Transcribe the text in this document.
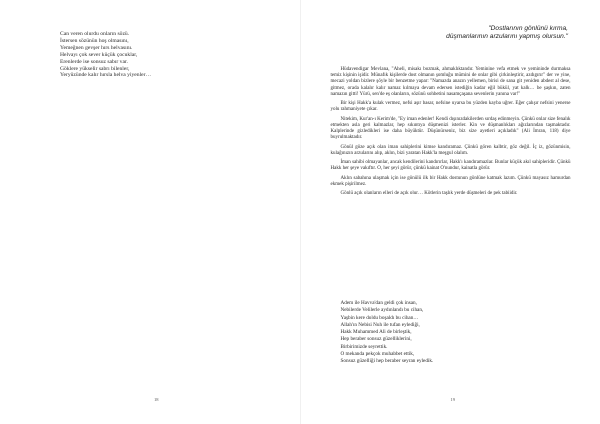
Can veren olurdu onların sözü.
İstersen sözünün hoş olmasını,
Yemeğnen gevşer hırs helvasını.
Helvayı çok sever küçük çocuklar,
Erenlerde ise sonsuz sabır var.
Göklere yükselir sabrı bilenler,
Yeryüzünde kalır hırsla helva yiyenler…
18
"Dostlarının gönlünü kırma,
düşmanlarının arzularını yapmış olursun."

Hüdavendigar Mevlana, "Aheli, misakı bozmak, ahmaklıktandır. Yeminine vefa etmek ve yemininde durmaksa temiz kişinin işidir. Münafık kişilerde dost olmanın şomluğu mümini de onlar gibi çirkinleştirir, azdıgırır" der ve yine, mecazi yoldan bizlere şöyle bir benzetme yapar: "Namazda anazın yellemen, birisi de sana git yeniden abdest al dese, gitmez, orada kalalır kalır namaz kılmaya devam edersen istediğin kadar eğil bükül, yat kalk… be şaşkın, zaten namazın gitti! Yürü, sen'de eş olanların, sözünü sohbetini nasamçaşana sevenlerin yanına var!"

Bir kişi Hakk'a kulak vermez, nefsi aşır basar, nefsine uyarsa bu yüzden kayba uğrer. Eğer çalışır nefsini yenerse yolu rahmaniyete çıkar.

Nitekim, Kur'an-ı Kerim'de, "Ey iman edenler! Kendi dışınızdakilerden sırdaş edinmeyin. Çünkü onlar size fenalık etmekten asla geri kalmazlar, hep sıkıntıya düşmenizi isterler. Kin ve düşmanlıkları ağızlarından taşmaktadır. Kalplerinde gizledikleri ise daha büyüktür. Düşünürseniz, biz size ayetleri açıkladık" (Ali İmran, 118) diye buyrulmaktadır.

Gönül göze açık olan iman sahiplerini kimse kandıramaz. Çünkü gören kalbtir, göz değil. İç iz, gözünmisin, kulağınızın arzularını alıp, aklın, bizi yaratan Hakk'la meşgul olalım.

İman sahibi olmayanlar, ancak kendilerini kandırırlar, Hakk'ı kandıramazlar. Bunlar küçük akıl sahipleridir. Çünkü Hakk her şeye vakıftır. O, her şeyi görür, çünkü kainat O'nundur, kainatla görür.

Aklın sabahına ulaşmak için ise gönülü ilk bir Hakk dostunun gönlüne katmak lazım. Çünkü mayasız hamurdan ekmek pişirilmez.

Gönlü açık olanların elleri de açık olur… Kötlerin taşlık yerde düşmeleri de pek tabiidir.

Adem ile Havva'dan geldi çok insan,
Nebilerde Velilerle aydınlandı bu cihan,
Yaşbin kere doldu boşaldı bu cihan…
Allah'ın Nebisi Nuh ile tufan eylediği,
Hakk Muhammed Ali de birleştik,
Hep beraber sonsuz güzelliklerini,
Birbirimizde seyrettik.
O mekanda pekçok muhabbet ettik,
Sonsuz güzelliği hep beraber seyran eyledik.
19
